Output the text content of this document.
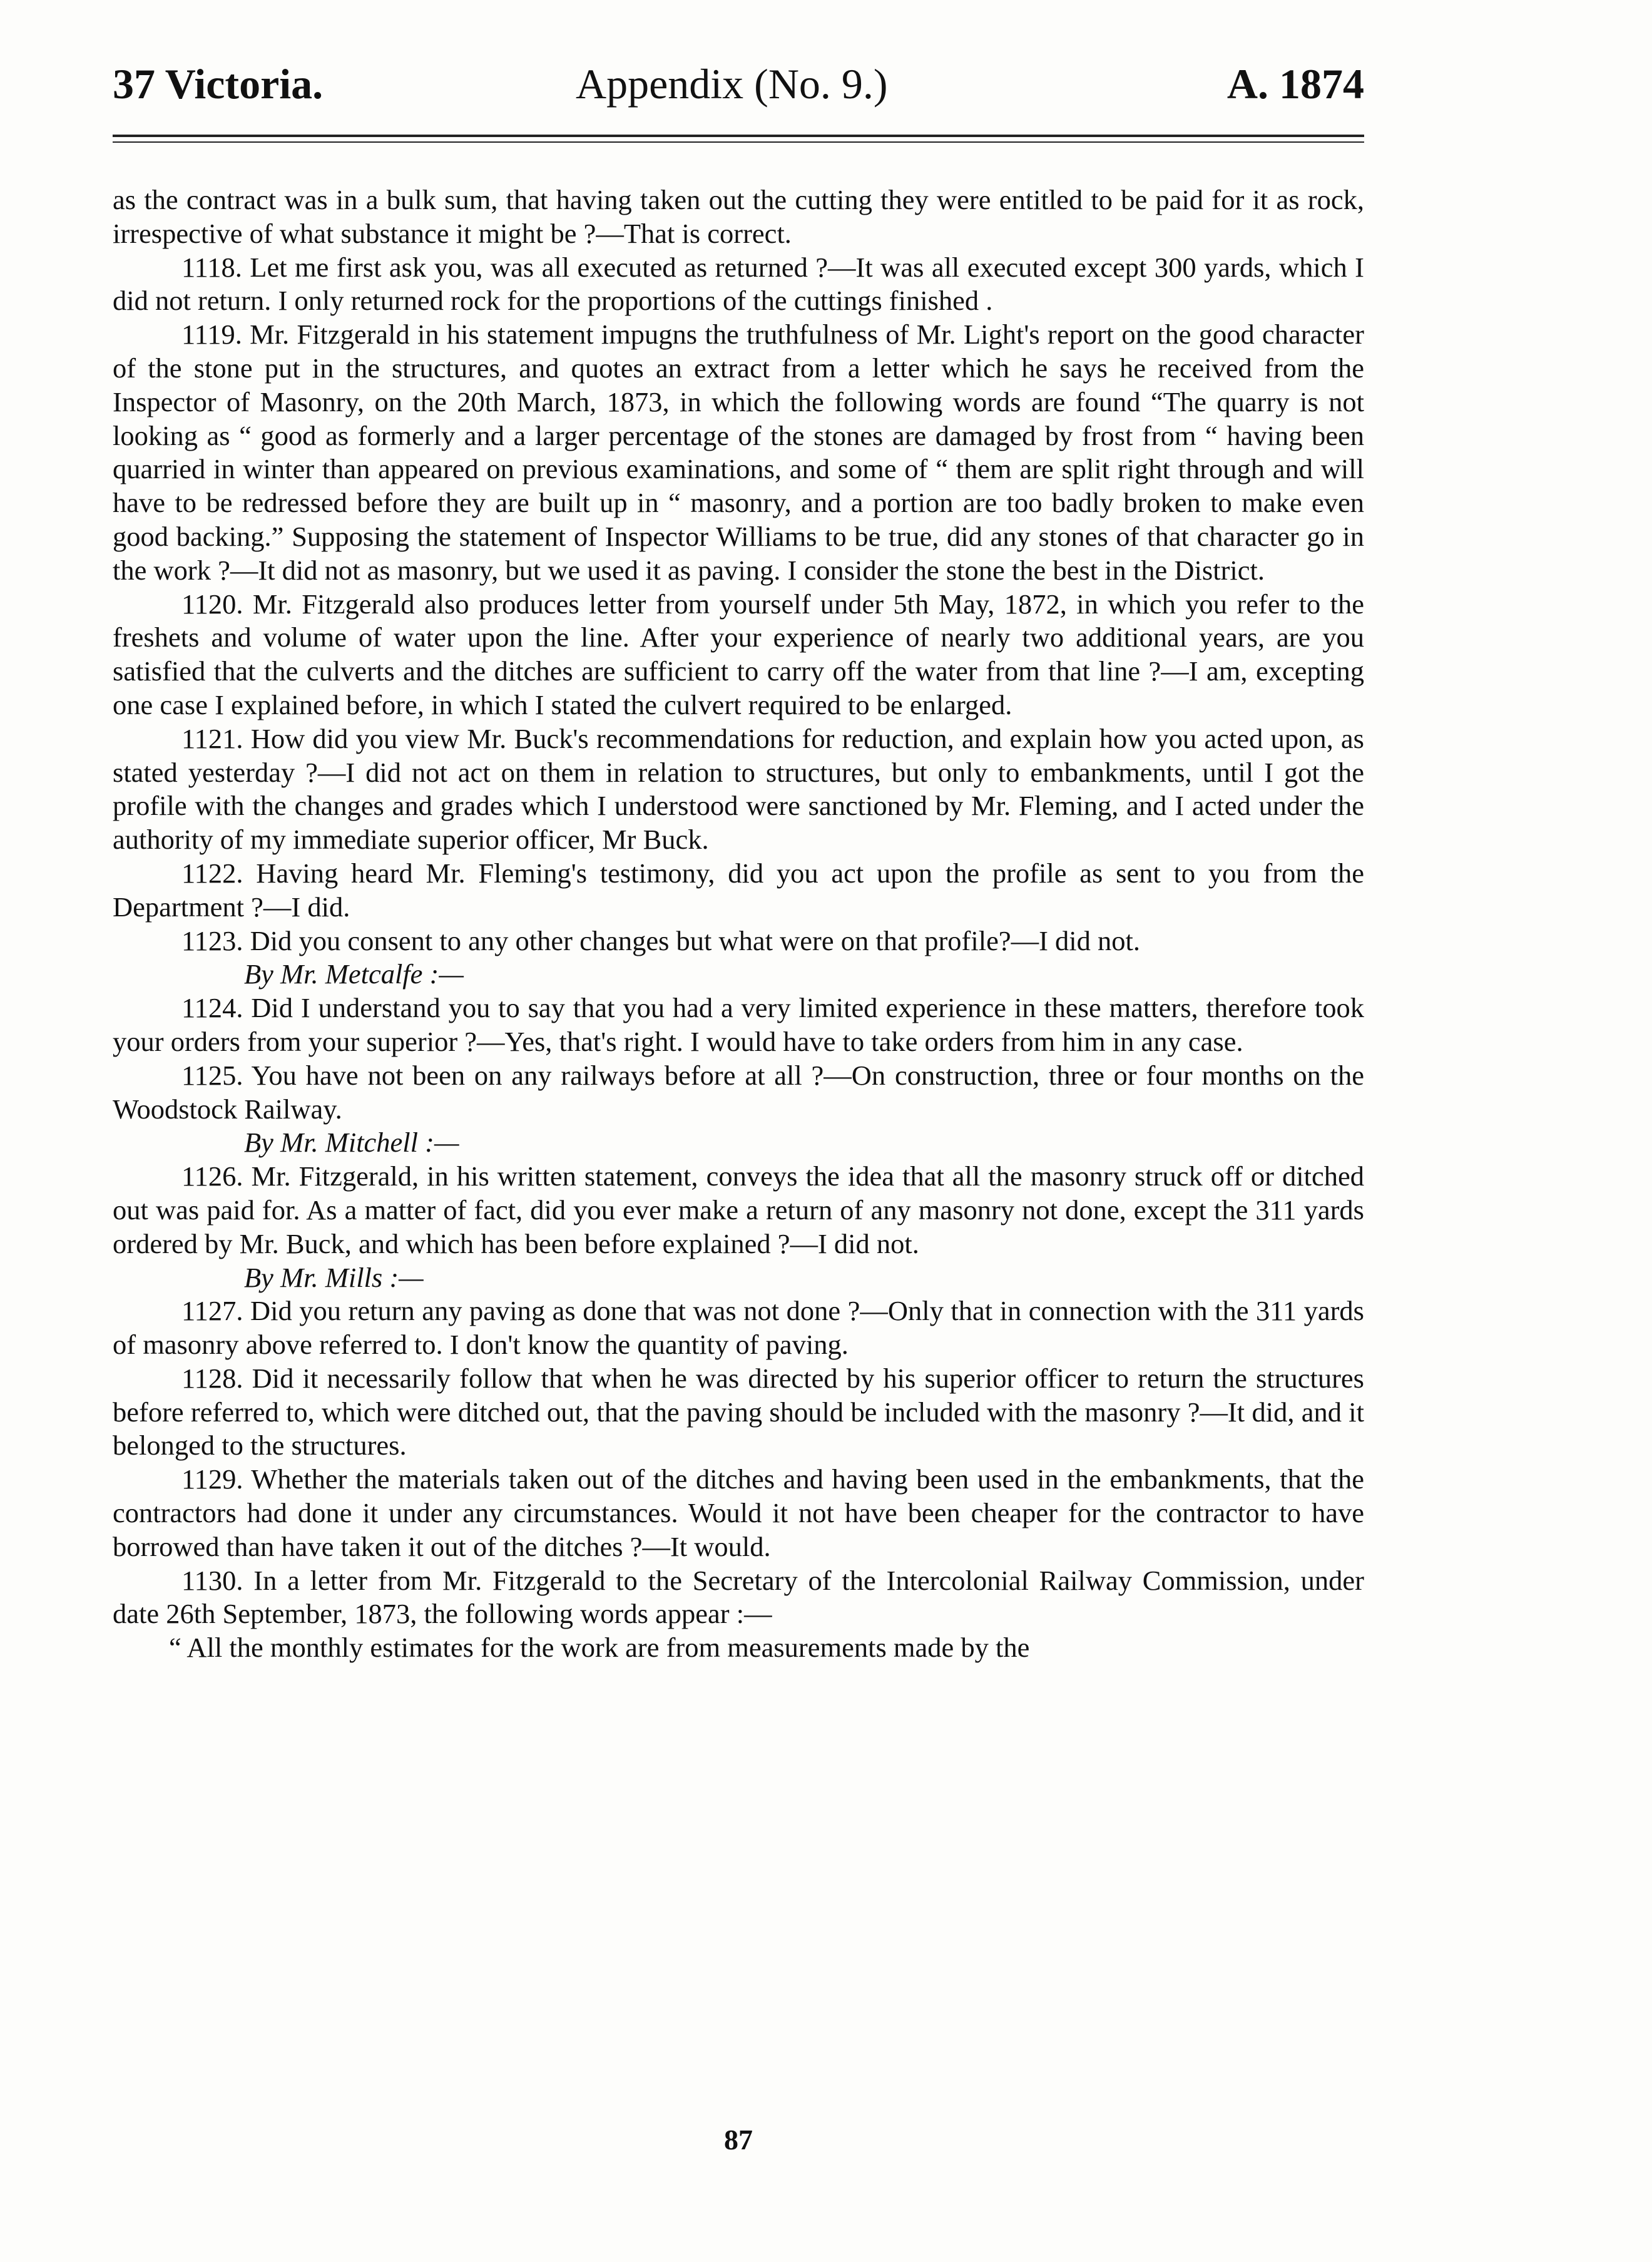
37 Victoria.	Appendix (No. 9.)	A. 1874

as the contract was in a bulk sum, that having taken out the cutting they were entitled to be paid for it as rock, irrespective of what substance it might be ?—That is correct.

1118. Let me first ask you, was all executed as returned ?—It was all executed except 300 yards, which I did not return. I only returned rock for the proportions of the cuttings finished .

1119. Mr. Fitzgerald in his statement impugns the truthfulness of Mr. Light's report on the good character of the stone put in the structures, and quotes an extract from a letter which he says he received from the Inspector of Masonry, on the 20th March, 1873, in which the following words are found “The quarry is not looking as “ good as formerly and a larger percentage of the stones are damaged by frost from “ having been quarried in winter than appeared on previous examinations, and some of “ them are split right through and will have to be redressed before they are built up in “ masonry, and a portion are too badly broken to make even good backing.” Supposing the statement of Inspector Williams to be true, did any stones of that character go in the work ?—It did not as masonry, but we used it as paving. I consider the stone the best in the District.

1120. Mr. Fitzgerald also produces letter from yourself under 5th May, 1872, in which you refer to the freshets and volume of water upon the line. After your experience of nearly two additional years, are you satisfied that the culverts and the ditches are sufficient to carry off the water from that line ?—I am, excepting one case I explained before, in which I stated the culvert required to be enlarged.

1121. How did you view Mr. Buck's recommendations for reduction, and explain how you acted upon, as stated yesterday ?—I did not act on them in relation to structures, but only to embankments, until I got the profile with the changes and grades which I understood were sanctioned by Mr. Fleming, and I acted under the authority of my immediate superior officer, Mr Buck.

1122. Having heard Mr. Fleming's testimony, did you act upon the profile as sent to you from the Department ?—I did.

1123. Did you consent to any other changes but what were on that profile?—I did not.

By Mr. Metcalfe :—

1124. Did I understand you to say that you had a very limited experience in these matters, therefore took your orders from your superior ?—Yes, that's right. I would have to take orders from him in any case.

1125. You have not been on any railways before at all ?—On construction, three or four months on the Woodstock Railway.

By Mr. Mitchell :—

1126. Mr. Fitzgerald, in his written statement, conveys the idea that all the masonry struck off or ditched out was paid for. As a matter of fact, did you ever make a return of any masonry not done, except the 311 yards ordered by Mr. Buck, and which has been before explained ?—I did not.

By Mr. Mills :—

1127. Did you return any paving as done that was not done ?—Only that in connection with the 311 yards of masonry above referred to. I don't know the quantity of paving.

1128. Did it necessarily follow that when he was directed by his superior officer to return the structures before referred to, which were ditched out, that the paving should be included with the masonry ?—It did, and it belonged to the structures.

1129. Whether the materials taken out of the ditches and having been used in the embankments, that the contractors had done it under any circumstances. Would it not have been cheaper for the contractor to have borrowed than have taken it out of the ditches ?—It would.

1130. In a letter from Mr. Fitzgerald to the Secretary of the Intercolonial Railway Commission, under date 26th September, 1873, the following words appear :—

“ All the monthly estimates for the work are from measurements made by the

87
